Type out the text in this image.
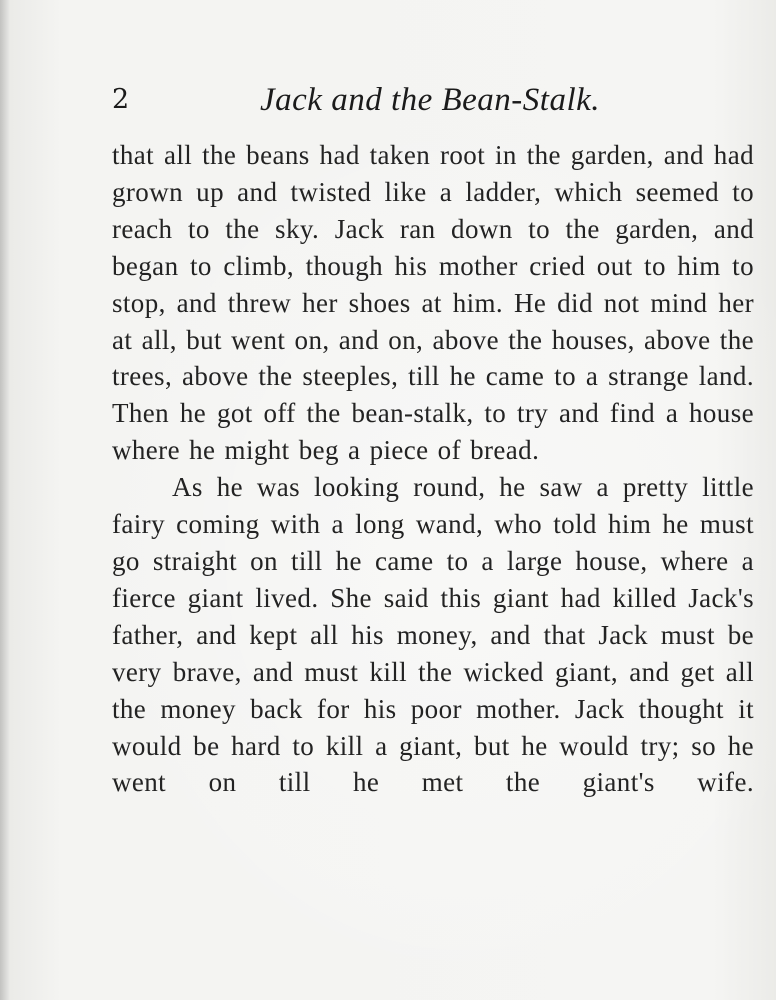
2	Jack and the Bean-Stalk.

that all the beans had taken root in the garden, and had grown up and twisted like a ladder, which seemed to reach to the sky. Jack ran down to the garden, and began to climb, though his mother cried out to him to stop, and threw her shoes at him. He did not mind her at all, but went on, and on, above the houses, above the trees, above the steeples, till he came to a strange land. Then he got off the bean-stalk, to try and find a house where he might beg a piece of bread.

As he was looking round, he saw a pretty little fairy coming with a long wand, who told him he must go straight on till he came to a large house, where a fierce giant lived. She said this giant had killed Jack's father, and kept all his money, and that Jack must be very brave, and must kill the wicked giant, and get all the money back for his poor mother. Jack thought it would be hard to kill a giant, but he would try; so he went on till he met the giant's wife.
